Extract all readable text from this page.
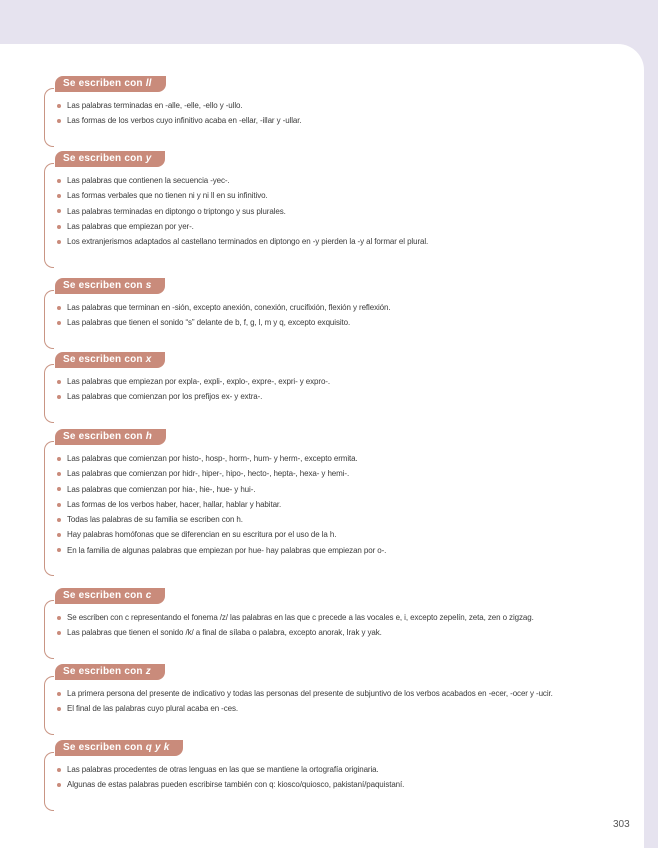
Se escriben con ll
Las palabras terminadas en -alle, -elle, -ello y -ullo.
Las formas de los verbos cuyo infinitivo acaba en -ellar, -illar y -ullar.
Se escriben con y
Las palabras que contienen la secuencia -yec-.
Las formas verbales que no tienen ni y ni ll en su infinitivo.
Las palabras terminadas en diptongo o triptongo y sus plurales.
Las palabras que empiezan por yer-.
Los extranjerismos adaptados al castellano terminados en diptongo en -y pierden la -y al formar el plural.
Se escriben con s
Las palabras que terminan en -sión, excepto anexión, conexión, crucifixión, flexión y reflexión.
Las palabras que tienen el sonido “s” delante de b, f, g, l, m y q, excepto exquisito.
Se escriben con x
Las palabras que empiezan por expla-, expli-, explo-, expre-, expri- y expro-.
Las palabras que comienzan por los prefijos ex- y extra-.
Se escriben con h
Las palabras que comienzan por histo-, hosp-, horm-, hum- y herm-, excepto ermita.
Las palabras que comienzan por hidr-, hiper-, hipo-, hecto-, hepta-, hexa- y hemi-.
Las palabras que comienzan por hia-, hie-, hue- y hui-.
Las formas de los verbos haber, hacer, hallar, hablar y habitar.
Todas las palabras de su familia se escriben con h.
Hay palabras homófonas que se diferencian en su escritura por el uso de la h.
En la familia de algunas palabras que empiezan por hue- hay palabras que empiezan por o-.
Se escriben con c
Se escriben con c representando el fonema /z/ las palabras en las que c precede a las vocales e, i, excepto zepelín, zeta, zen o zigzag.
Las palabras que tienen el sonido /k/ a final de sílaba o palabra, excepto anorak, Irak y yak.
Se escriben con z
La primera persona del presente de indicativo y todas las personas del presente de subjuntivo de los verbos acabados en -ecer, -ocer y -ucir.
El final de las palabras cuyo plural acaba en -ces.
Se escriben con q y k
Las palabras procedentes de otras lenguas en las que se mantiene la ortografía originaria.
Algunas de estas palabras pueden escribirse también con q: kiosco/quiosco, pakistaní/paquistaní.
303
